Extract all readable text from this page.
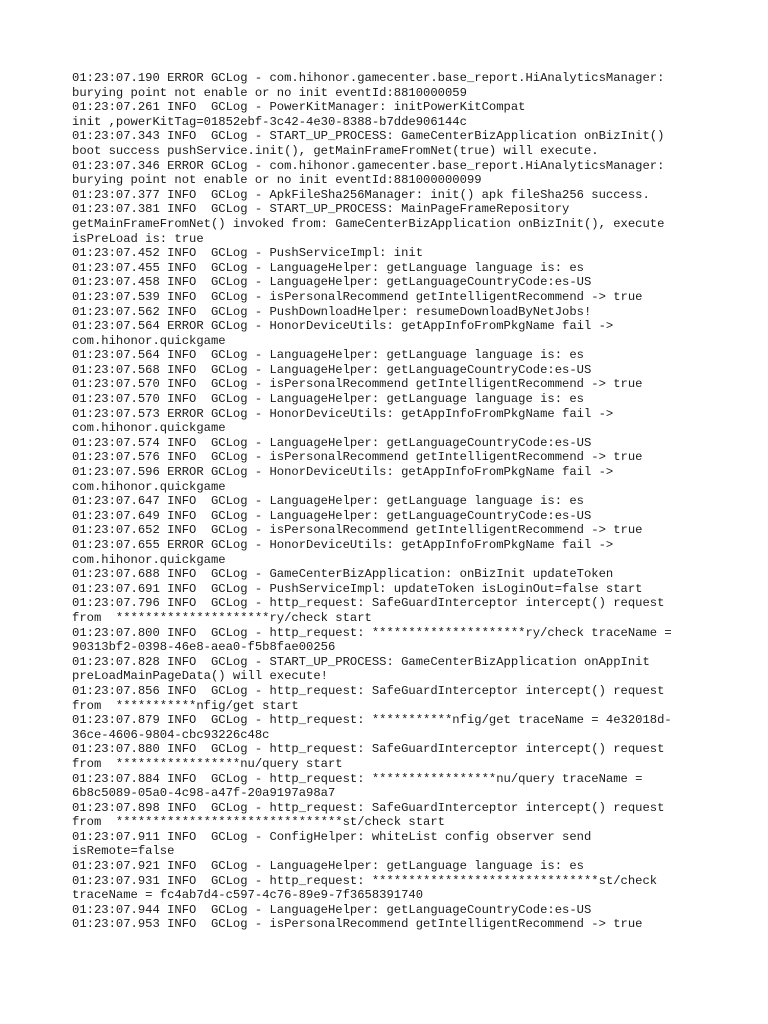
01:23:07.190 ERROR GCLog - com.hihonor.gamecenter.base_report.HiAnalyticsManager:
burying point not enable or no init eventId:8810000059
01:23:07.261 INFO  GCLog - PowerKitManager: initPowerKitCompat
init ,powerKitTag=01852ebf-3c42-4e30-8388-b7dde906144c
01:23:07.343 INFO  GCLog - START_UP_PROCESS: GameCenterBizApplication onBizInit()
boot success pushService.init(), getMainFrameFromNet(true) will execute.
01:23:07.346 ERROR GCLog - com.hihonor.gamecenter.base_report.HiAnalyticsManager:
burying point not enable or no init eventId:881000000099
01:23:07.377 INFO  GCLog - ApkFileSha256Manager: init() apk fileSha256 success.
01:23:07.381 INFO  GCLog - START_UP_PROCESS: MainPageFrameRepository
getMainFrameFromNet() invoked from: GameCenterBizApplication onBizInit(), execute
isPreLoad is: true
01:23:07.452 INFO  GCLog - PushServiceImpl: init
01:23:07.455 INFO  GCLog - LanguageHelper: getLanguage language is: es
01:23:07.458 INFO  GCLog - LanguageHelper: getLanguageCountryCode:es-US
01:23:07.539 INFO  GCLog - isPersonalRecommend getIntelligentRecommend -> true
01:23:07.562 INFO  GCLog - PushDownloadHelper: resumeDownloadByNetJobs!
01:23:07.564 ERROR GCLog - HonorDeviceUtils: getAppInfoFromPkgName fail ->
com.hihonor.quickgame
01:23:07.564 INFO  GCLog - LanguageHelper: getLanguage language is: es
01:23:07.568 INFO  GCLog - LanguageHelper: getLanguageCountryCode:es-US
01:23:07.570 INFO  GCLog - isPersonalRecommend getIntelligentRecommend -> true
01:23:07.570 INFO  GCLog - LanguageHelper: getLanguage language is: es
01:23:07.573 ERROR GCLog - HonorDeviceUtils: getAppInfoFromPkgName fail ->
com.hihonor.quickgame
01:23:07.574 INFO  GCLog - LanguageHelper: getLanguageCountryCode:es-US
01:23:07.576 INFO  GCLog - isPersonalRecommend getIntelligentRecommend -> true
01:23:07.596 ERROR GCLog - HonorDeviceUtils: getAppInfoFromPkgName fail ->
com.hihonor.quickgame
01:23:07.647 INFO  GCLog - LanguageHelper: getLanguage language is: es
01:23:07.649 INFO  GCLog - LanguageHelper: getLanguageCountryCode:es-US
01:23:07.652 INFO  GCLog - isPersonalRecommend getIntelligentRecommend -> true
01:23:07.655 ERROR GCLog - HonorDeviceUtils: getAppInfoFromPkgName fail ->
com.hihonor.quickgame
01:23:07.688 INFO  GCLog - GameCenterBizApplication: onBizInit updateToken
01:23:07.691 INFO  GCLog - PushServiceImpl: updateToken isLoginOut=false start
01:23:07.796 INFO  GCLog - http_request: SafeGuardInterceptor intercept() request
from  *********************ry/check start
01:23:07.800 INFO  GCLog - http_request: *********************ry/check traceName =
90313bf2-0398-46e8-aea0-f5b8fae00256
01:23:07.828 INFO  GCLog - START_UP_PROCESS: GameCenterBizApplication onAppInit
preLoadMainPageData() will execute!
01:23:07.856 INFO  GCLog - http_request: SafeGuardInterceptor intercept() request
from  ***********nfig/get start
01:23:07.879 INFO  GCLog - http_request: ***********nfig/get traceName = 4e32018d-
36ce-4606-9804-cbc93226c48c
01:23:07.880 INFO  GCLog - http_request: SafeGuardInterceptor intercept() request
from  *****************nu/query start
01:23:07.884 INFO  GCLog - http_request: *****************nu/query traceName =
6b8c5089-05a0-4c98-a47f-20a9197a98a7
01:23:07.898 INFO  GCLog - http_request: SafeGuardInterceptor intercept() request
from  *******************************st/check start
01:23:07.911 INFO  GCLog - ConfigHelper: whiteList config observer send
isRemote=false
01:23:07.921 INFO  GCLog - LanguageHelper: getLanguage language is: es
01:23:07.931 INFO  GCLog - http_request: *******************************st/check
traceName = fc4ab7d4-c597-4c76-89e9-7f3658391740
01:23:07.944 INFO  GCLog - LanguageHelper: getLanguageCountryCode:es-US
01:23:07.953 INFO  GCLog - isPersonalRecommend getIntelligentRecommend -> true
